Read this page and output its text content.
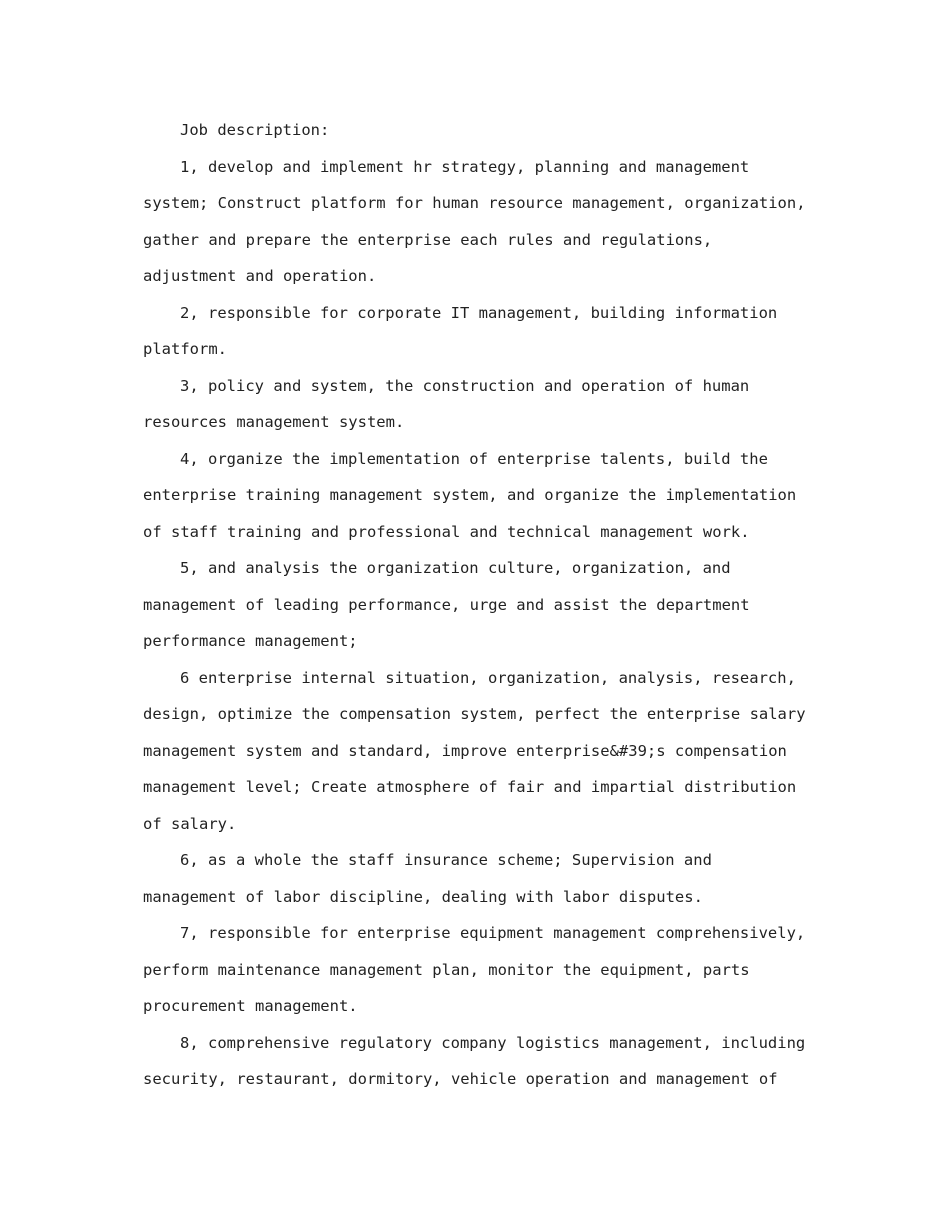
Job description:

1, develop and implement hr strategy, planning and management system; Construct platform for human resource management, organization, gather and prepare the enterprise each rules and regulations, adjustment and operation.

2, responsible for corporate IT management, building information platform.

3, policy and system, the construction and operation of human resources management system.

4, organize the implementation of enterprise talents, build the enterprise training management system, and organize the implementation of staff training and professional and technical management work.

5, and analysis the organization culture, organization, and management of leading performance, urge and assist the department performance management;

6 enterprise internal situation, organization, analysis, research, design, optimize the compensation system, perfect the enterprise salary management system and standard, improve enterprise&#39;s compensation management level; Create atmosphere of fair and impartial distribution of salary.

6, as a whole the staff insurance scheme; Supervision and management of labor discipline, dealing with labor disputes.

7, responsible for enterprise equipment management comprehensively, perform maintenance management plan, monitor the equipment, parts procurement management.

8, comprehensive regulatory company logistics management, including security, restaurant, dormitory, vehicle operation and management of
